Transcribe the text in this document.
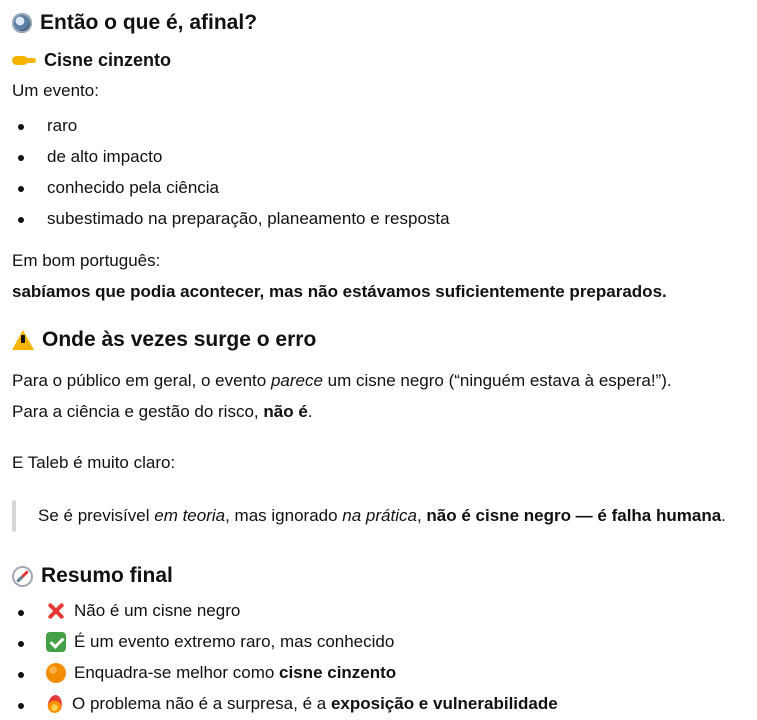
Então o que é, afinal?
Cisne cinzento
Um evento:
raro
de alto impacto
conhecido pela ciência
subestimado na preparação, planeamento e resposta
Em bom português:
sabíamos que podia acontecer, mas não estávamos suficientemente preparados.
Onde às vezes surge o erro
Para o público em geral, o evento parece um cisne negro (“ninguém estava à espera!”).
Para a ciência e gestão do risco, não é.
E Taleb é muito claro:
Se é previsível em teoria, mas ignorado na prática, não é cisne negro — é falha humana.
Resumo final
Não é um cisne negro
É um evento extremo raro, mas conhecido
Enquadra-se melhor como cisne cinzento
O problema não é a surpresa, é a exposição e vulnerabilidade
